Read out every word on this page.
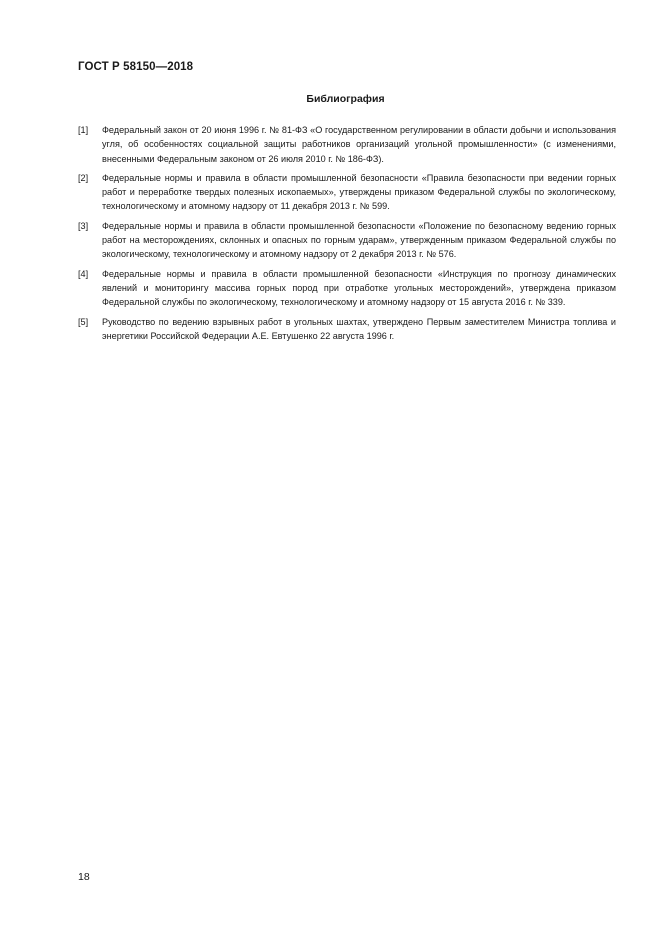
ГОСТ Р 58150—2018
Библиография
[1]	Федеральный закон от 20 июня 1996 г. № 81-ФЗ «О государственном регулировании в области добычи и использования угля, об особенностях социальной защиты работников организаций угольной промышленности» (с изменениями, внесенными Федеральным законом от 26 июля 2010 г. № 186-ФЗ).
[2]	Федеральные нормы и правила в области промышленной безопасности «Правила безопасности при ведении горных работ и переработке твердых полезных ископаемых», утверждены приказом Федеральной службы по экологическому, технологическому и атомному надзору от 11 декабря 2013 г. № 599.
[3]	Федеральные нормы и правила в области промышленной безопасности «Положение по безопасному ведению горных работ на месторождениях, склонных и опасных по горным ударам», утвержденным приказом Федеральной службы по экологическому, технологическому и атомному надзору от 2 декабря 2013 г. № 576.
[4]	Федеральные нормы и правила в области промышленной безопасности «Инструкция по прогнозу динамических явлений и мониторингу массива горных пород при отработке угольных месторождений», утверждена приказом Федеральной службы по экологическому, технологическому и атомному надзору от 15 августа 2016 г. № 339.
[5]	Руководство по ведению взрывных работ в угольных шахтах, утверждено Первым заместителем Министра топлива и энергетики Российской Федерации А.Е. Евтушенко 22 августа 1996 г.
18
